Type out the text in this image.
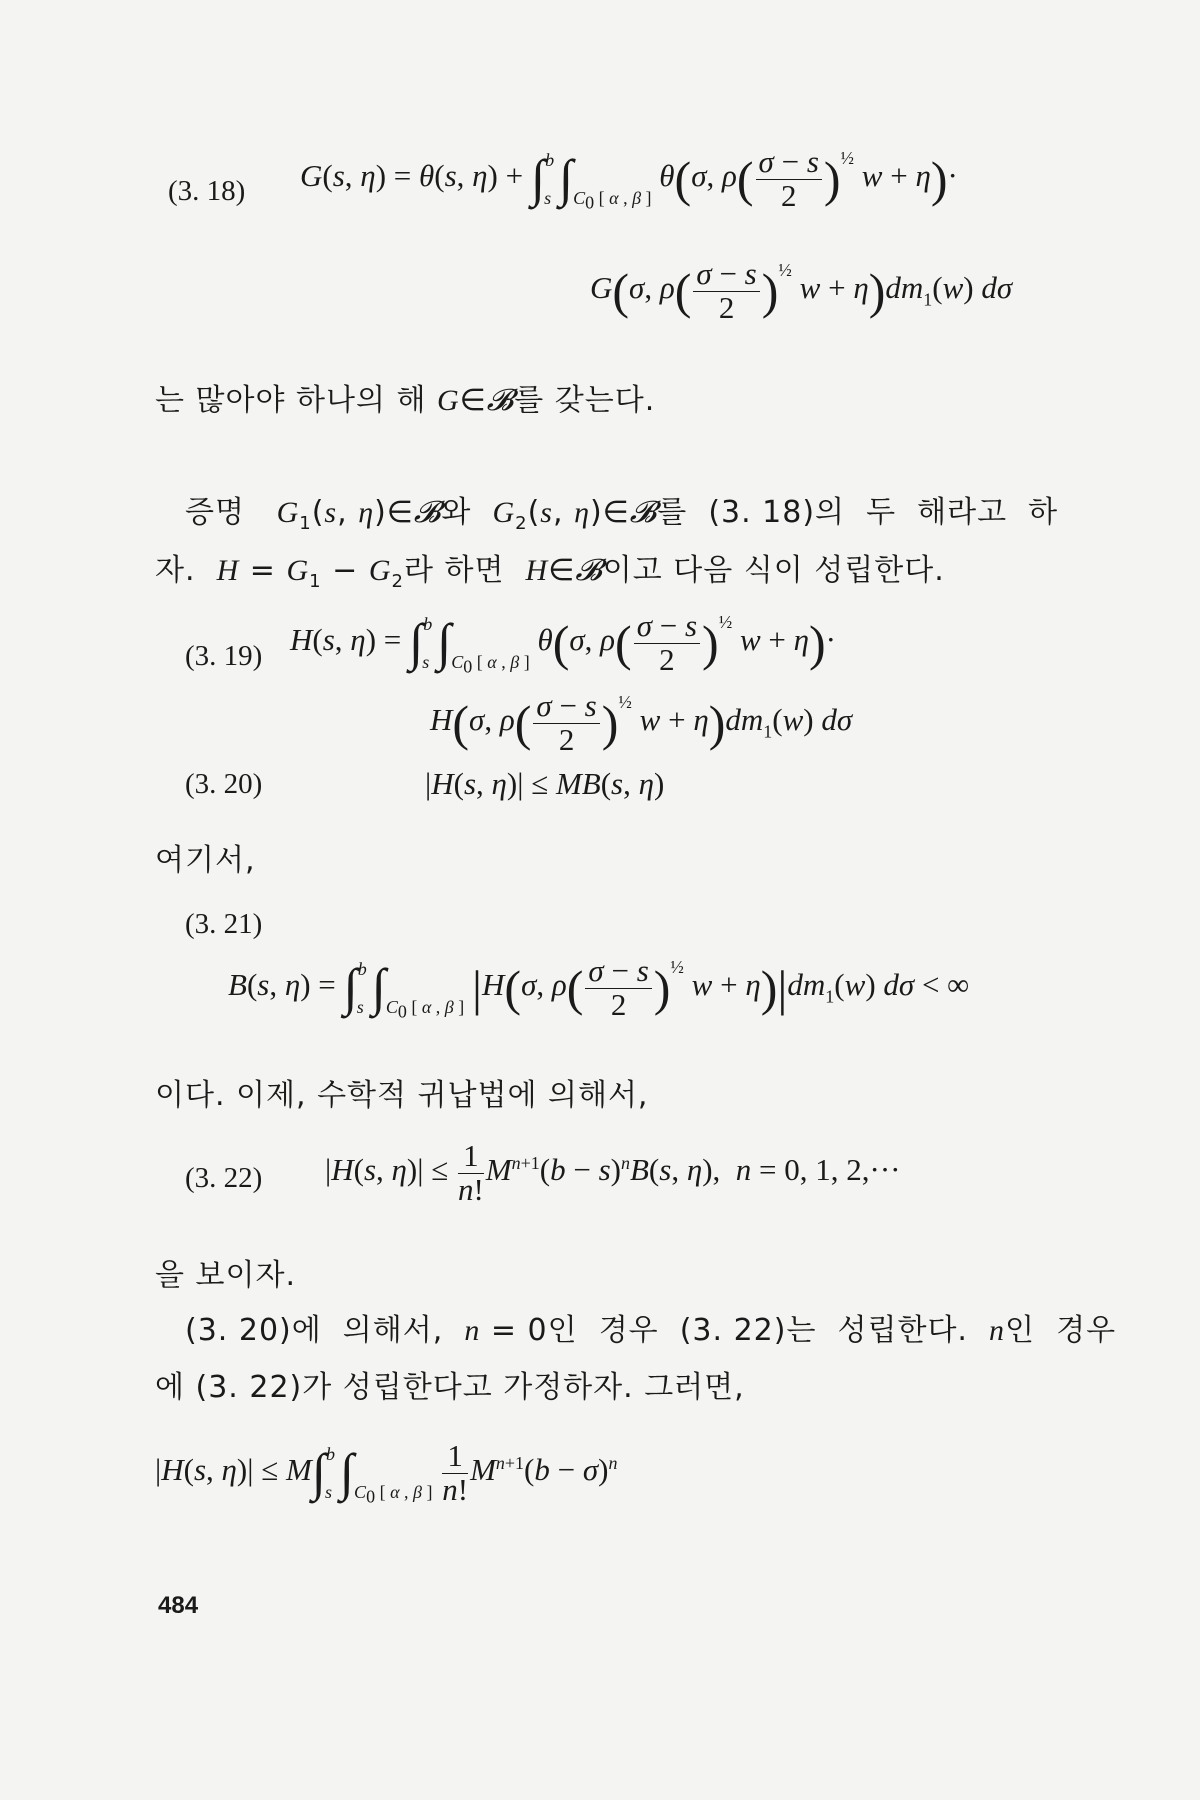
(3. 18) G(s, η) = θ(s, η) + ∫$^b_s$ $\int_{C_0 [ \alpha , \beta ]}$ θ(σ, $\rho( \frac{\sigma - s}{2} )^{\frac{1}{2}}$ w + η)·
G(σ, $\rho( \frac{\sigma - s}{2} )^{\frac{1}{2}}$ $w + \eta)dm_1(w)$ dσ
는 많아야 하나의 해 G∈𝓑를 갖는다.
증명   $G_1(s$, η)∈𝓑와  $G_2(s$, η)∈𝓑를  (3. 18)의  두  해라고  하
자.  $H = G_1 - G_2$라 하면  H∈𝓑이고 다음 식이 성립한다.
(3. 19) H(s, η) = ∫$^b_s$ $\int_{C_0 [ \alpha , \beta ]}$ θ(σ, $\rho( \frac{\sigma - s}{2} )^{\frac{1}{2}}$ w + η)·
H(σ, $\rho( \frac{\sigma - s}{2} )^{\frac{1}{2}}$ $w + \eta)dm_1(w)$ dσ
(3. 20)	|H(s, η)| ≤ MB(s, η)
여기서,
(3. 21)
B(s, η) = ∫$^b_s$ $\int_{C_0 [ \alpha , \beta ]}$ |H(σ, $\rho( \frac{\sigma - s}{2} )^{\frac{1}{2}}$ $w + \eta)|dm_1(w)$ dσ < ∞
이다. 이제, 수학적 귀납법에 의해서,
(3. 22) |H(s, $\eta)| \le \frac{1}{n!} M^{n+1}(b - s)^nB(s$, η),  n = 0, 1, 2,···
을 보이자.
(3. 20)에  의해서,  n = 0인  경우  (3. 22)는  성립한다.  n인  경우
에 (3. 22)가 성립한다고 가정하자. 그러면,
|H(s, η)| ≤ M∫$^b_s$ $\int_{C_0 [ \alpha , \beta ]} \frac{1}{n!} M^{n+1}(b - \sigma)^n$
484
